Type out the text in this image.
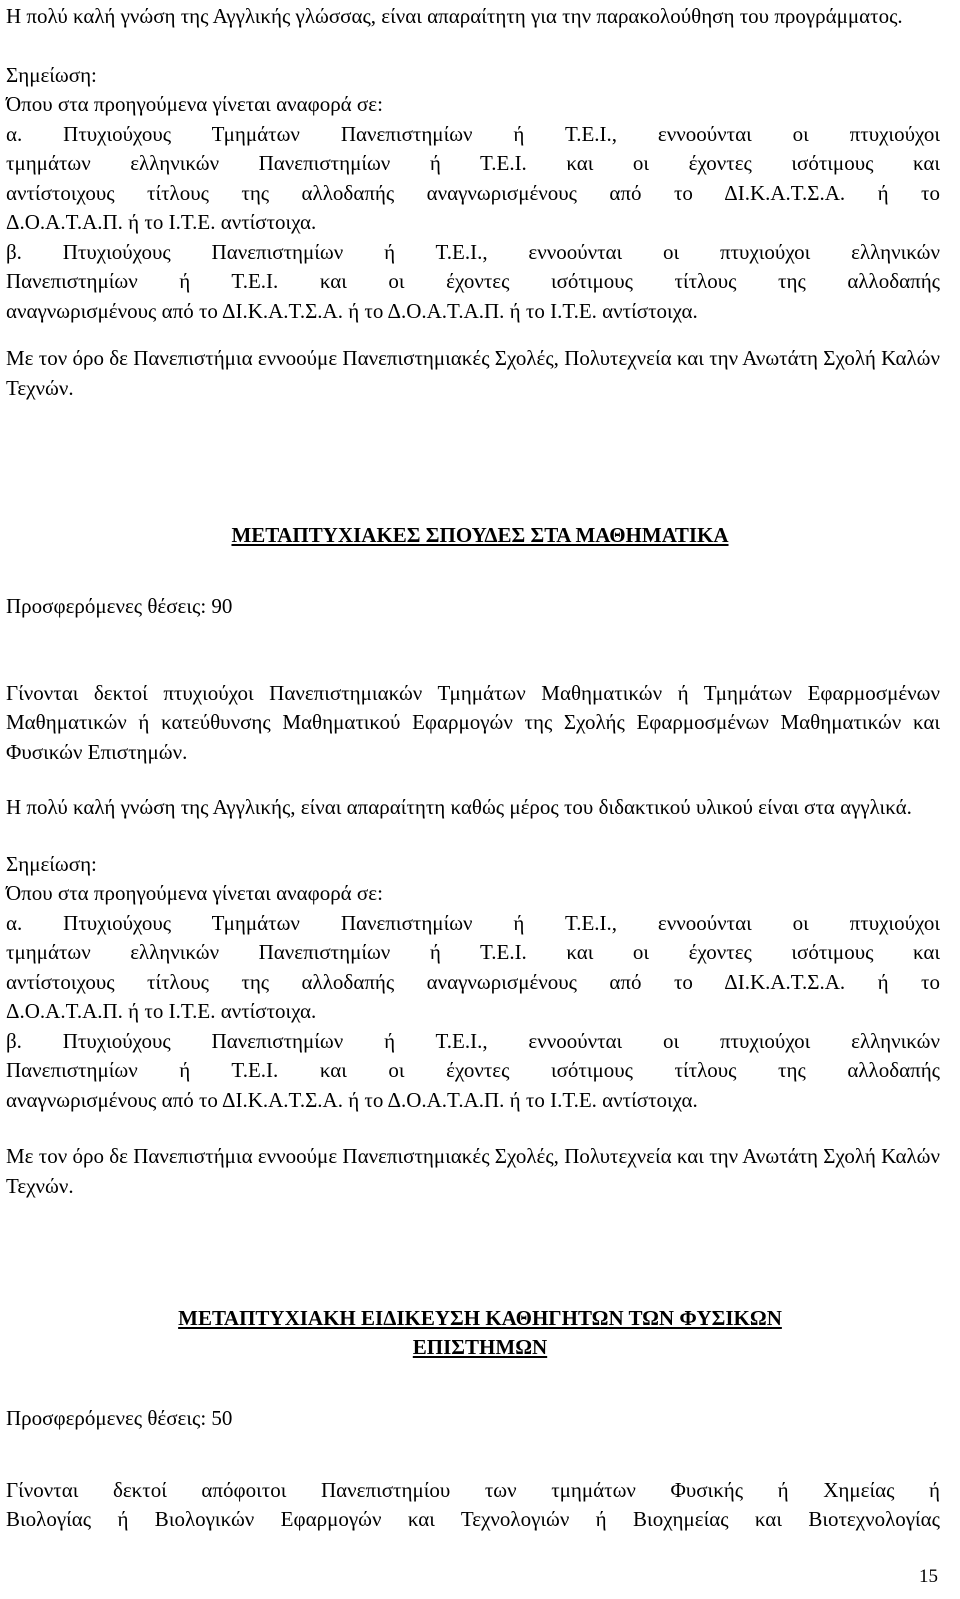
Η πολύ καλή γνώση της Αγγλικής γλώσσας, είναι απαραίτητη για την παρακολούθηση του προγράμματος.

Σημείωση:

Όπου στα προηγούμενα γίνεται αναφορά σε:

α. Πτυχιούχους Τμημάτων Πανεπιστημίων ή Τ.Ε.Ι., εννοούνται οι πτυχιούχοι

τμημάτων ελληνικών Πανεπιστημίων ή Τ.Ε.Ι. και οι έχοντες ισότιμους και

αντίστοιχους τίτλους της αλλοδαπής αναγνωρισμένους από το ΔΙ.Κ.Α.Τ.Σ.Α. ή το

Δ.Ο.Α.Τ.Α.Π. ή το Ι.Τ.Ε. αντίστοιχα.

β. Πτυχιούχους Πανεπιστημίων ή Τ.Ε.Ι., εννοούνται οι πτυχιούχοι ελληνικών

Πανεπιστημίων ή Τ.Ε.Ι. και οι έχοντες ισότιμους τίτλους της αλλοδαπής

αναγνωρισμένους από το ΔΙ.Κ.Α.Τ.Σ.Α. ή το Δ.Ο.Α.Τ.Α.Π. ή το Ι.Τ.Ε. αντίστοιχα.

Με τον όρο δε Πανεπιστήμια εννοούμε Πανεπιστημιακές Σχολές, Πολυτεχνεία και την Ανωτάτη Σχολή Καλών Τεχνών.

ΜΕΤΑΠΤΥΧΙΑΚΕΣ ΣΠΟΥΔΕΣ ΣΤΑ ΜΑΘΗΜΑΤΙΚΑ

Προσφερόμενες θέσεις: 90

Γίνονται δεκτοί πτυχιούχοι Πανεπιστημιακών Τμημάτων Μαθηματικών ή Τμημάτων Εφαρμοσμένων Μαθηματικών ή κατεύθυνσης Μαθηματικού Εφαρμογών της Σχολής Εφαρμοσμένων Μαθηματικών και Φυσικών Επιστημών.

Η πολύ καλή γνώση της Αγγλικής, είναι απαραίτητη καθώς μέρος του διδακτικού υλικού είναι στα αγγλικά.

Σημείωση:

Όπου στα προηγούμενα γίνεται αναφορά σε:

α. Πτυχιούχους Τμημάτων Πανεπιστημίων ή Τ.Ε.Ι., εννοούνται οι πτυχιούχοι

τμημάτων ελληνικών Πανεπιστημίων ή Τ.Ε.Ι. και οι έχοντες ισότιμους και

αντίστοιχους τίτλους της αλλοδαπής αναγνωρισμένους από το ΔΙ.Κ.Α.Τ.Σ.Α. ή το

Δ.Ο.Α.Τ.Α.Π. ή το Ι.Τ.Ε. αντίστοιχα.

β. Πτυχιούχους Πανεπιστημίων ή Τ.Ε.Ι., εννοούνται οι πτυχιούχοι ελληνικών

Πανεπιστημίων ή Τ.Ε.Ι. και οι έχοντες ισότιμους τίτλους της αλλοδαπής

αναγνωρισμένους από το ΔΙ.Κ.Α.Τ.Σ.Α. ή το Δ.Ο.Α.Τ.Α.Π. ή το Ι.Τ.Ε. αντίστοιχα.

Με τον όρο δε Πανεπιστήμια εννοούμε Πανεπιστημιακές Σχολές, Πολυτεχνεία και την Ανωτάτη Σχολή Καλών Τεχνών.

ΜΕΤΑΠΤΥΧΙΑΚΗ ΕΙΔΙΚΕΥΣΗ ΚΑΘΗΓΗΤΩΝ ΤΩΝ ΦΥΣΙΚΩΝ

ΕΠΙΣΤΗΜΩΝ

Προσφερόμενες θέσεις: 50

Γίνονται δεκτοί απόφοιτοι Πανεπιστημίου των τμημάτων Φυσικής ή Χημείας ή

Βιολογίας ή Βιολογικών Εφαρμογών και Τεχνολογιών ή Βιοχημείας και Βιοτεχνολογίας

15
